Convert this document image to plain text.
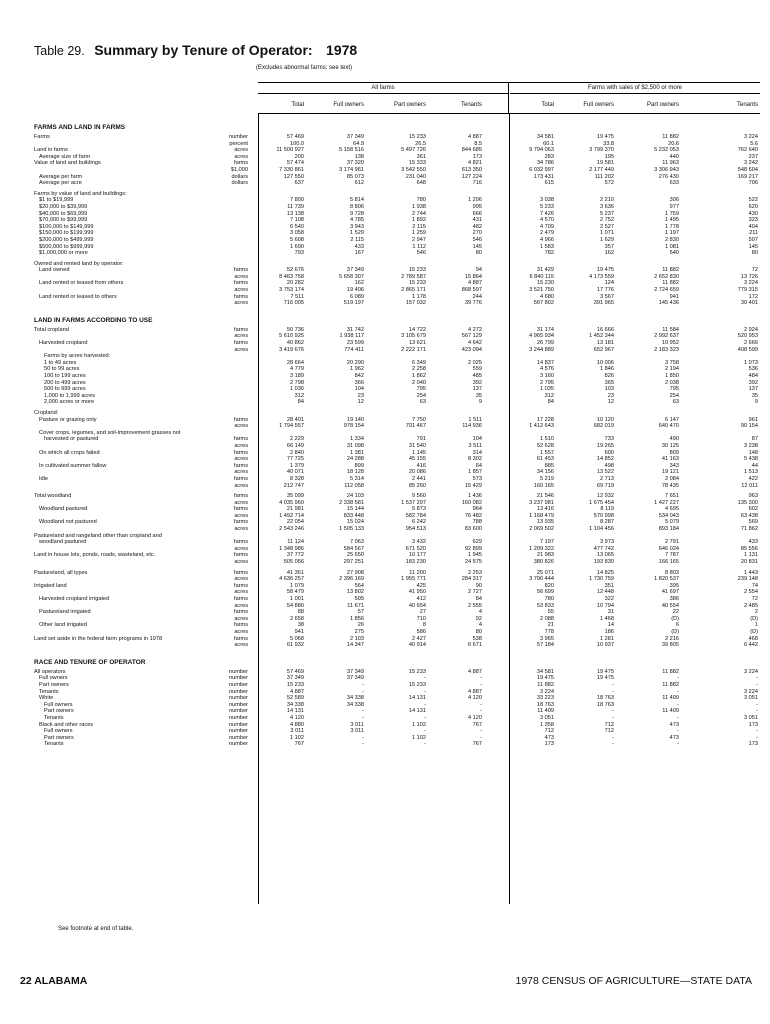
Table 29. Summary by Tenure of Operator: 1978
(Excludes abnormal farms; see text)
All farms	Farms with sales of $2,500 or more
Total	Full owners	Part owners	Tenants	Total	Full owners	Part owners	Tenants
FARMS AND LAND IN FARMS
Farms	number	57 469	37 349	15 233	4 887	34 581	19 475	11 882	3 224
percent	100.0	64.9	26.5	8.5	60.1	33.8	20.6	5.6
Land in farms	acres	11 500 927	5 158 516	5 497 726	844 685	9 794 063	3 799 370	5 232 053	762 640
Average size of farm	acres	200	138	361	173	283	195	440	237
Value of land and buildings	farms	57 474	37 320	15 333	4 821	34 786	19 581	11 963	3 242
$1,000	7 330 861	3 174 961	3 542 550	613 350	6 032 997	2 177 449	3 306 943	548 604
Average per farm	dollars	127 550	85 073	231 040	127 224	173 431	111 202	276 430	169 217
Average per acre	dollars	637	612	648	716	615	572	633	706
Farms by value of land and buildings:
$1 to $19,999	7 800	5 814	780	1 206	3 038	2 210	306	522
$20,000 to $39,999	11 739	8 806	1 938	995	5 233	3 636	977	620
$40,000 to $69,999	13 138	9 728	2 744	666	7 426	5 237	1 759	430
$70,000 to $99,999	7 108	4 785	1 892	431	4 570	2 752	1 495	323
$100,000 to $149,999	6 540	3 943	2 115	482	4 709	2 527	1 778	404
$150,000 to $199,999	3 058	1 529	1 259	270	2 479	1 071	1 197	211
$200,000 to $499,999	5 608	2 115	2 947	546	4 966	1 629	2 830	507
$500,000 to $999,999	1 690	433	1 112	145	1 583	357	1 081	145
$1,000,000 or more	793	167	546	80	782	162	540	80
Owned and rented land by operator:
Land owned	farms	52 676	37 349	15 233	94	31 429	19 475	11 882	72
acres	8 463 758	5 658 307	2 789 587	15 864	6 840 115	4 173 559	2 652 830	13 726
Land rented or leased from others	farms	20 282	162	15 233	4 887	15 230	124	11 882	3 224
acres	3 753 174	19 406	2 865 171	868 597	3 521 750	17 776	2 724 659	779 315
Land rented or leased to others	farms	7 511	6 089	1 178	244	4 680	3 567	941	172
acres	716 005	519 197	157 032	39 776	567 802	391 965	145 436	30 401
LAND IN FARMS ACCORDING TO USE
Total cropland	farms	50 736	31 742	14 722	4 272	31 174	16 666	11 584	2 924
acres	5 610 925	1 938 117	3 105 679	567 129	4 965 934	1 452 344	2 992 637	520 953
Harvested cropland	farms	40 862	23 599	13 621	4 642	26 799	13 181	10 952	2 666
acres	3 419 676	774 411	2 222 171	423 094	3 244 889	652 967	2 183 323	408 599
Farms by acres harvested:
1 to 49 acres	28 664	20 290	6 349	2 025	14 837	10 006	3 758	1 073
50 to 99 acres	4 779	1 962	2 258	559	4 576	1 846	2 194	536
100 to 199 acres	3 189	842	1 862	485	3 160	826	1 850	484
200 to 499 acres	2 798	366	2 040	392	2 795	365	2 038	392
500 to 999 acres	1 036	104	795	137	1 035	103	795	137
1,000 to 1,999 acres	312	23	254	35	312	23	254	35
2,000 acres or more	84	12	63	9	84	12	63	9
Cropland:
Pasture or grazing only	farms	28 401	19 140	7 750	1 511	17 228	10 120	6 147	961
acres	1 794 557	978 154	701 467	114 936	1 412 643	682 019	640 470	90 154
Cover crops, legumes, and soil-improvement grasses not
harvested or pastured	farms	2 229	1 334	791	104	1 510	733	490	87
acres	66 149	31 098	31 540	3 511	52 628	19 265	30 125	3 238
On which all crops failed	farms	2 840	1 381	1 145	314	1 557	600	809	148
acres	77 725	24 288	45 155	8 302	61 453	14 852	41 163	5 438
In cultivated summer fallow	farms	1 379	899	416	64	885	498	343	44
acres	40 071	18 128	20 086	1 857	34 156	13 522	19 121	1 513
Idle	farms	8 328	5 314	2 441	573	5 219	2 713	2 084	422
acres	212 747	112 058	85 260	15 429	160 165	69 719	78 435	12 011
Total woodland	farms	35 099	24 103	9 560	1 436	21 546	12 932	7 651	963
acres	4 035 960	2 338 581	1 537 297	160 082	3 237 981	1 675 454	1 427 227	135 300
Woodland pastured	farms	21 981	15 144	5 873	964	13 416	8 119	4 695	602
acres	1 492 714	833 448	582 784	76 482	1 168 479	570 998	534 043	63 438
Woodland not pastured	farms	22 054	15 024	6 242	788	13 935	8 287	5 079	569
acres	2 543 246	1 505 133	954 513	83 600	2 069 502	1 104 456	893 184	71 862
Pastureland and rangeland other than cropland and
woodland pastured	farms	11 124	7 063	3 432	629	7 197	3 973	2 791	433
acres	1 348 986	584 567	671 520	92 899	1 209 322	477 742	646 024	85 556
Land in house lots, ponds, roads, wasteland, etc.	farms	37 772	25 650	10 177	1 945	21 983	13 065	7 787	1 131
acres	505 056	297 251	183 230	24 575	380 826	193 830	166 165	20 831
Pastureland, all types	farms	41 361	27 908	11 200	2 253	25 071	14 825	8 803	1 443
acres	4 636 257	2 396 169	1 955 771	284 317	3 790 444	1 730 759	1 820 537	239 148
Irrigated land	farms	1 079	564	425	90	820	351	395	74
acres	58 479	13 802	41 950	2 727	56 699	12 448	41 697	2 554
Harvested cropland irrigated	farms	1 001	505	412	84	780	322	386	72
acres	54 880	11 671	40 654	2 555	53 833	10 794	40 554	2 485
Pastureland irrigated	farms	88	57	27	4	55	31	22	2
acres	2 658	1 856	710	92	2 088	1 468	(D)	(D)
Other land irrigated	farms	38	26	8	4	21	14	6	1
acres	941	275	586	80	778	186	(D)	(D)
Land set aside in the federal farm programs in 1978	farms	5 068	2 103	2 427	538	3 965	1 281	2 216	468
acres	61 932	14 347	40 914	6 671	57 184	10 937	39 805	6 442
RACE AND TENURE OF OPERATOR
All operators	number	57 469	37 349	15 233	4 887	34 581	19 475	11 882	3 224
Full owners	number	37 349	37 349	-	-	19 475	19 475	-	-
Part owners	number	15 233	-	15 233	-	11 882	-	11 882	-
Tenants	number	4 887	-	-	4 887	3 224	-	-	3 224
White	number	52 589	34 338	14 131	4 120	33 223	18 763	11 409	3 051
Full owners	number	34 338	34 338	-	-	18 763	18 763	-	-
Part owners	number	14 131	-	14 131	-	11 409	-	11 409	-
Tenants	number	4 120	-	-	4 120	3 051	-	-	3 051
Black and other races	number	4 880	3 011	1 102	767	1 358	712	473	173
Full owners	number	3 011	3 011	-	-	712	712	-	-
Part owners	number	1 102	-	1 102	-	473	-	473	-
Tenants	number	767	-	-	767	173	-	-	173
See footnote at end of table.
22 ALABAMA	1978 CENSUS OF AGRICULTURE—STATE DATA
